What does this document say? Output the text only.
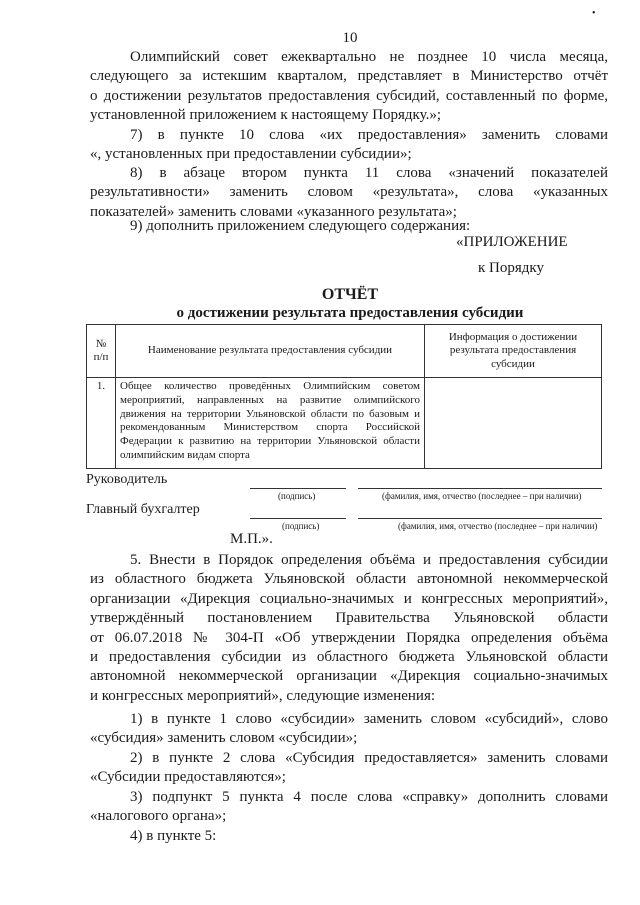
•
10
Олимпийский совет ежеквартально не позднее 10 числа месяца,
следующего за истекшим кварталом, представляет в Министерство отчёт
о достижении результатов предоставления субсидий, составленный по форме,
установленной приложением к настоящему Порядку.»;
7) в пункте 10 слова «их предоставления» заменить словами
«, установленных при предоставлении субсидии»;
8) в абзаце втором пункта 11 слова «значений показателей
результативности» заменить словом «результата», слова «указанных
показателей» заменить словами «указанного результата»;
9) дополнить приложением следующего содержания:
«ПРИЛОЖЕНИЕ
к Порядку
ОТЧЁТ
о достижении результата предоставления субсидии
№ п/п	Наименование результата предоставления субсидии	Информация о достижении результата предоставления субсидии
1.	Общее количество проведённых Олимпийским советом мероприятий, направленных на развитие олимпийского движения на территории Ульяновской области по базовым и рекомендованным Министерством спорта Российской Федерации к развитию на территории Ульяновской области олимпийским видам спорта	
Руководитель
(подпись)	(фамилия, имя, отчество (последнее – при наличии)
Главный бухгалтер
(подпись)	(фамилия, имя, отчество (последнее – при наличии)
М.П.».
5. Внести в Порядок определения объёма и предоставления субсидии
из областного бюджета Ульяновской области автономной некоммерческой
организации «Дирекция социально-значимых и конгрессных мероприятий»,
утверждённый постановлением Правительства Ульяновской области
от 06.07.2018 № 304-П «Об утверждении Порядка определения объёма
и предоставления субсидии из областного бюджета Ульяновской области
автономной некоммерческой организации «Дирекция социально-значимых
и конгрессных мероприятий», следующие изменения:
1) в пункте 1 слово «субсидии» заменить словом «субсидий», слово
«субсидия» заменить словом «субсидии»;
2) в пункте 2 слова «Субсидия предоставляется» заменить словами
«Субсидии предоставляются»;
3) подпункт 5 пункта 4 после слова «справку» дополнить словами
«налогового органа»;
4) в пункте 5:
